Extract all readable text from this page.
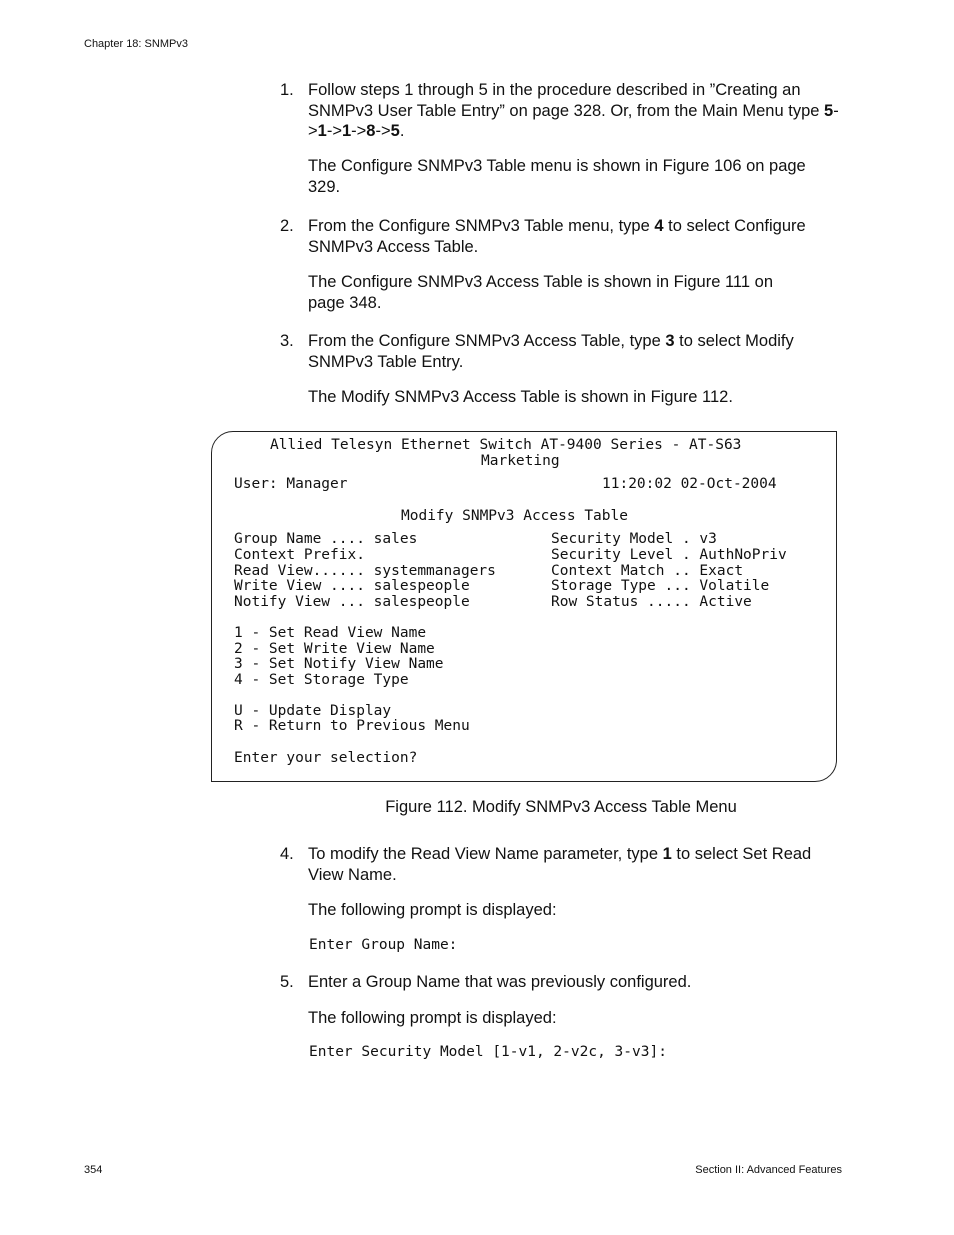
Chapter 18: SNMPv3
1. Follow steps 1 through 5 in the procedure described in ”Creating an SNMPv3 User Table Entry” on page 328. Or, from the Main Menu type 5->1->1->8->5.
The Configure SNMPv3 Table menu is shown in Figure 106 on page 329.
2. From the Configure SNMPv3 Table menu, type 4 to select Configure SNMPv3 Access Table.
The Configure SNMPv3 Access Table is shown in Figure 111 on page 348.
3. From the Configure SNMPv3 Access Table, type 3 to select Modify SNMPv3 Table Entry.
The Modify SNMPv3 Access Table is shown in Figure 112.
Allied Telesyn Ethernet Switch AT-9400 Series - AT-S63
Marketing
User: Manager	11:20:02 02-Oct-2004
Modify SNMPv3 Access Table
Group Name .... sales
Context Prefix.
Read View...... systemmanagers
Write View .... salespeople
Notify View ... salespeople
Security Model . v3
Security Level . AuthNoPriv
Context Match .. Exact
Storage Type ... Volatile
Row Status ..... Active
1 - Set Read View Name
2 - Set Write View Name
3 - Set Notify View Name
4 - Set Storage Type
U - Update Display
R - Return to Previous Menu
Enter your selection?
Figure 112. Modify SNMPv3 Access Table Menu
4. To modify the Read View Name parameter, type 1 to select Set Read View Name.
The following prompt is displayed:
Enter Group Name:
5. Enter a Group Name that was previously configured.
The following prompt is displayed:
Enter Security Model [1-v1, 2-v2c, 3-v3]:
354	Section II: Advanced Features
